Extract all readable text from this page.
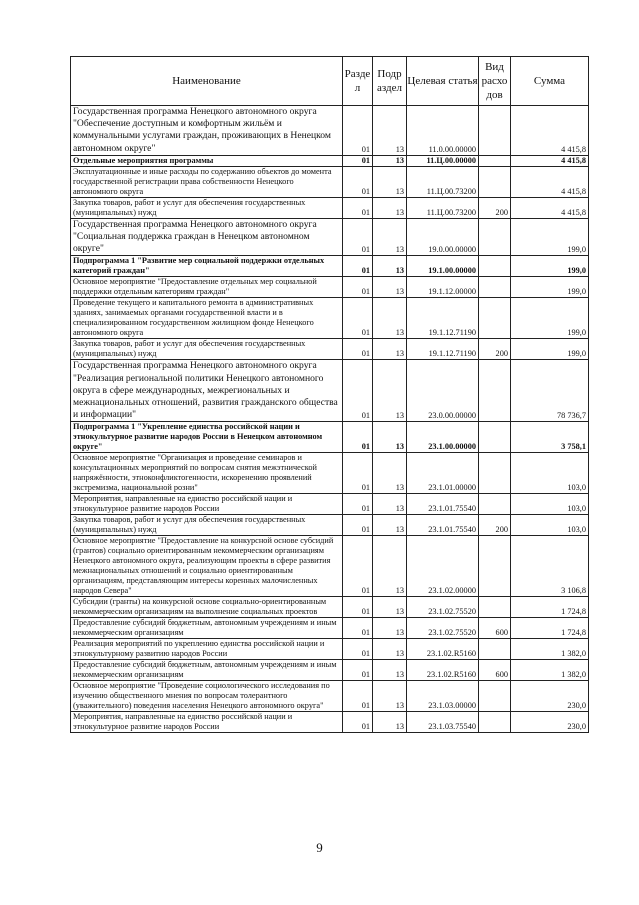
Наименование	Разде л	Подр аздел	Целевая статья	Вид расхо дов	Сумма
Государственная программа Ненецкого автономного округа "Обеспечение доступным и комфортным жильём и коммунальными услугами граждан, проживающих в Ненецком автономном округе"	01	13	11.0.00.00000		4 415,8
Отдельные мероприятия программы	01	13	11.Ц.00.00000		4 415,8
Эксплуатационные и иные расходы по содержанию объектов до момента государственной регистрации права собственности Ненецкого автономного округа	01	13	11.Ц.00.73200		4 415,8
Закупка товаров, работ и услуг для обеспечения государственных (муниципальных) нужд	01	13	11.Ц.00.73200	200	4 415,8
Государственная программа Ненецкого автономного округа "Социальная поддержка граждан в Ненецком автономном округе"	01	13	19.0.00.00000		199,0
Подпрограмма 1 "Развитие мер социальной поддержки отдельных категорий граждан"	01	13	19.1.00.00000		199,0
Основное мероприятие "Предоставление отдельных мер социальной поддержки отдельным категориям граждан"	01	13	19.1.12.00000		199,0
Проведение текущего и капитального ремонта в административных зданиях, занимаемых органами государственной власти и в специализированном государственном жилищном фонде Ненецкого автономного округа	01	13	19.1.12.71190		199,0
Закупка товаров, работ и услуг для обеспечения государственных (муниципальных) нужд	01	13	19.1.12.71190	200	199,0
Государственная программа Ненецкого автономного округа "Реализация региональной политики Ненецкого автономного округа в сфере международных, межрегиональных и межнациональных отношений, развития гражданского общества и информации"	01	13	23.0.00.00000		78 736,7
Подпрограмма 1 "Укрепление единства российской нации и этнокультурное развитие народов России в Ненецком автономном округе"	01	13	23.1.00.00000		3 758,1
Основное мероприятие "Организация и проведение семинаров и консультационных мероприятий по вопросам снятия межэтнической напряжённости, этноконфликтогенности, искоренению проявлений экстремизма, национальной розни"	01	13	23.1.01.00000		103,0
Мероприятия, направленные на единство российской нации и этнокультурное развитие народов России	01	13	23.1.01.75540		103,0
Закупка товаров, работ и услуг для обеспечения государственных (муниципальных) нужд	01	13	23.1.01.75540	200	103,0
Основное мероприятие "Предоставление на конкурсной основе субсидий (грантов) социально ориентированным некоммерческим организациям Ненецкого автономного округа, реализующим проекты в сфере развития межнациональных отношений и социально ориентированным организациям, представляющим интересы коренных малочисленных народов Севера"	01	13	23.1.02.00000		3 106,8
Субсидии (гранты) на конкурсной основе социально-ориентированным некоммерческим организациям на выполнение социальных проектов	01	13	23.1.02.75520		1 724,8
Предоставление субсидий бюджетным, автономным учреждениям и иным некоммерческим организациям	01	13	23.1.02.75520	600	1 724,8
Реализация мероприятий по укреплению единства российской нации и этнокультурному развитию народов России	01	13	23.1.02.R5160		1 382,0
Предоставление субсидий бюджетным, автономным учреждениям и иным некоммерческим организациям	01	13	23.1.02.R5160	600	1 382,0
Основное мероприятие "Проведение социологического исследования по изучению общественного мнения по вопросам толерантного (уважительного) поведения населения Ненецкого автономного округа"	01	13	23.1.03.00000		230,0
Мероприятия, направленные на единство российской нации и этнокультурное развитие народов России	01	13	23.1.03.75540		230,0
9
